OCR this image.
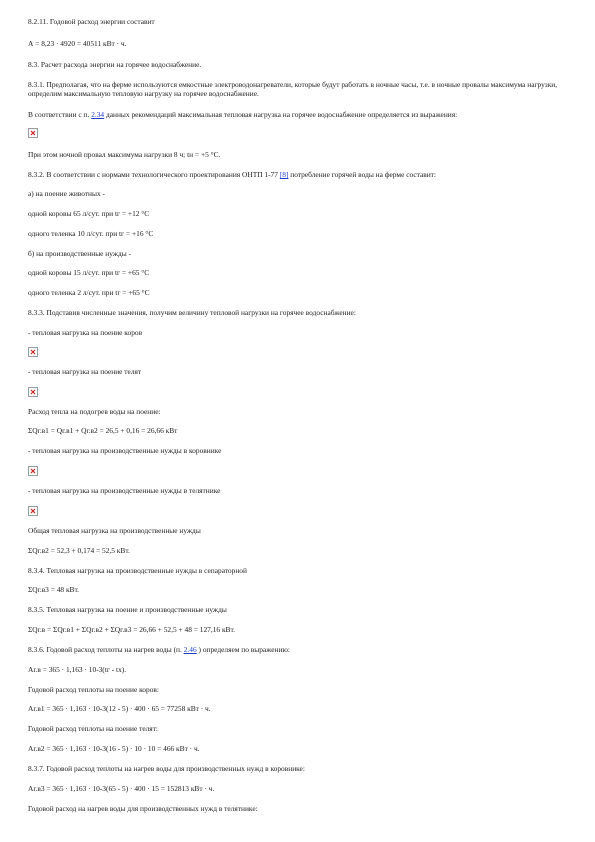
8.2.11. Годовой расход энергии составит
А = 8,23 · 4920 = 40511 кВт · ч.
8.3. Расчет расхода энергии на горячее водоснабжение.
8.3.1. Предполагая, что на ферме используются емкостные электроводонагреватели, которые будут работать в ночные часы, т.е. в ночные провалы максимума нагрузки, определим максимальную тепловую нагрузку на горячее водоснабжение.
В соответствии с п. 2.34 данных рекомендаций максимальная тепловая нагрузка на горячее водоснабжение определяется из выражения:
При этом ночной провал максимума нагрузки 8 ч; tн = +5 °С.
8.3.2. В соответствии с нормами технологического проектирования ОНТП 1-77 [8] потребление горячей воды на ферме составит:
а) на поение животных -
одной коровы 65 л/сут. при tг = +12 °С
одного теленка 10 л/сут. при tг = +16 °С
б) на производственные нужды -
одной коровы 15 л/сут. при tг = +65 °С
одного теленка 2 л/сут. при tг = +65 °С
8.3.3. Подставив численные значения, получим величину тепловой нагрузки на горячее водоснабжение:
- тепловая нагрузка на поение коров
- тепловая нагрузка на поение телят
Расход тепла на подогрев воды на поение:
ΣQг.в1 = Qг.в1 + Qг.в2 = 26,5 + 0,16 = 26,66 кВт
- тепловая нагрузка на производственные нужды в коровнике
- тепловая нагрузка на производственные нужды в телятнике
Общая тепловая нагрузка на производственные нужды
ΣQг.в2 = 52,3 + 0,174 = 52,5 кВт.
8.3.4. Тепловая нагрузка на производственные нужды в сепараторной
ΣQг.в3 = 48 кВт.
8.3.5. Тепловая нагрузка на поение и производственные нужды
ΣQг.в = ΣQг.в1 + ΣQг.в2 + ΣQг.в3 = 26,66 + 52,5 + 48 = 127,16 кВт.
8.3.6. Годовой расход теплоты на нагрев воды (п. 2.46 ) определяем по выражению:
Аг.в = 365 · 1,163 · 10-3(tг - tх).
Годовой расход теплоты на поение коров:
Аг.в1 = 365 · 1,163 · 10-3(12 - 5) · 400 · 65 = 77258 кВт · ч.
Годовой расход теплоты на поение телят:
Аг.в2 = 365 · 1,163 · 10-3(16 - 5) · 10 · 10 = 466 кВт · ч.
8.3.7. Годовой расход теплоты на нагрев воды для производственных нужд в коровнике:
Аг.в3 = 365 · 1,163 · 10-3(65 - 5) · 400 · 15 = 152813 кВт · ч.
Годовой расход на нагрев воды для производственных нужд в телятнике:
